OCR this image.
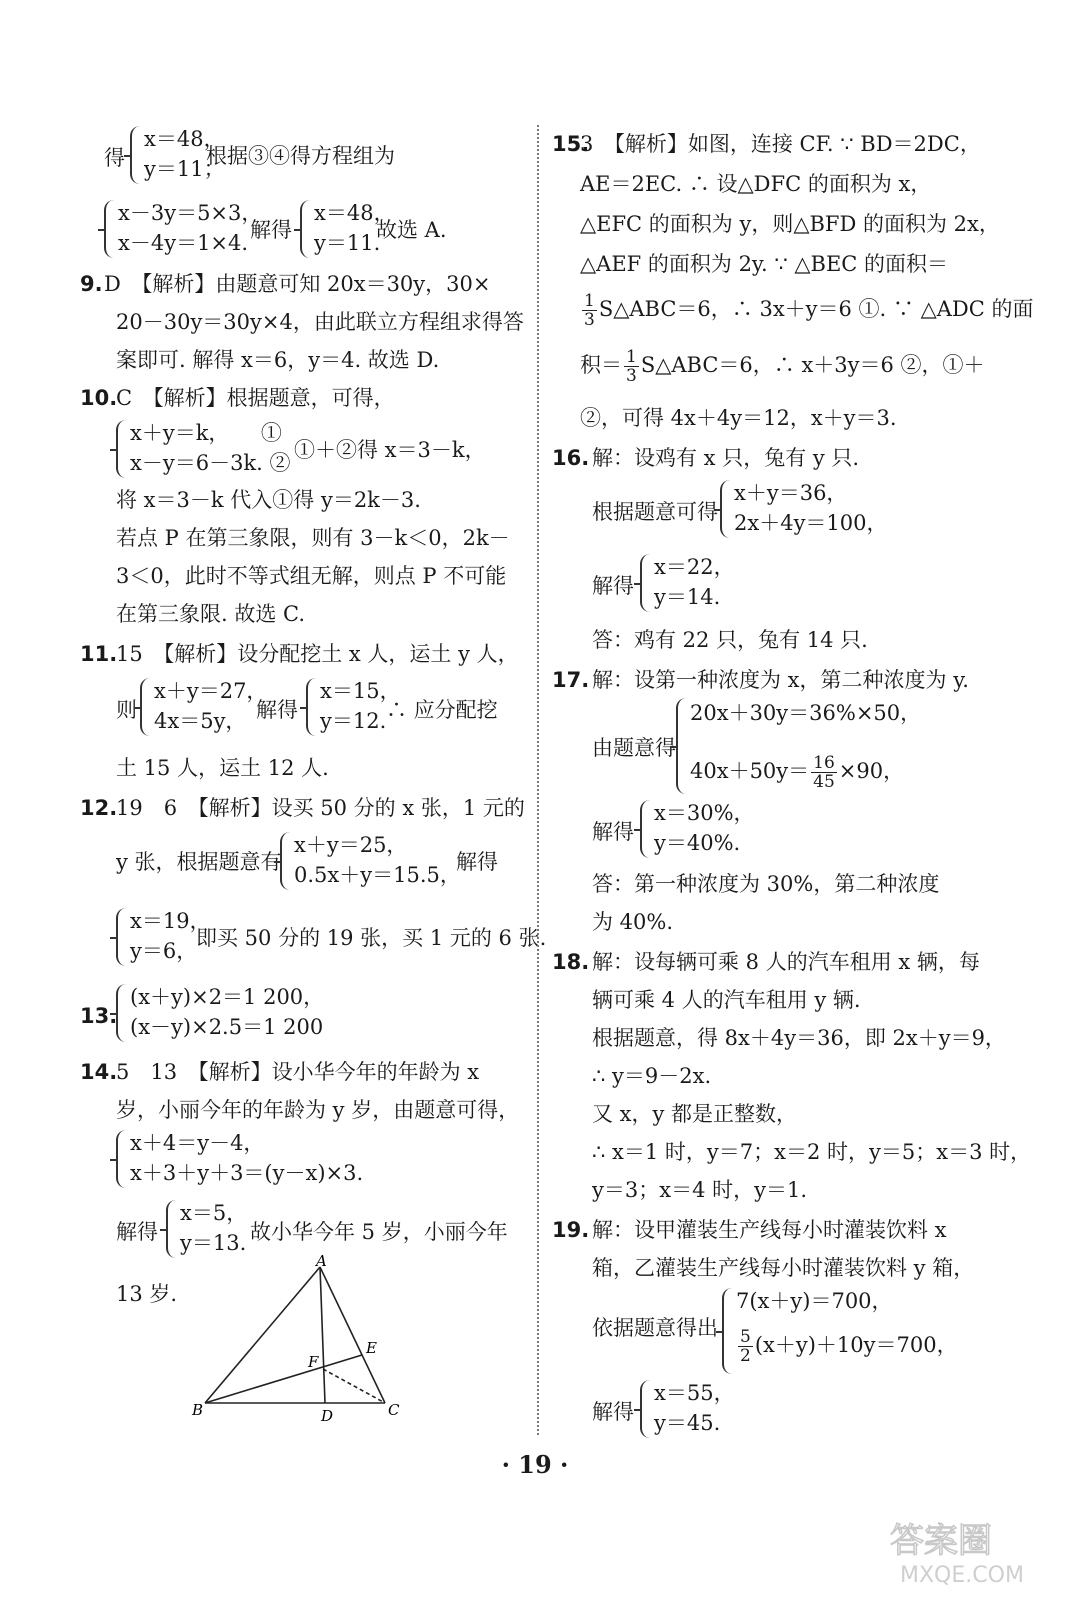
得
x＝48，
y＝11；
根据③④得方程组为
x－3y＝5×3，
x－4y＝1×4.
解得
x＝48，
y＝11.
故选 A.
9. D　【解析】由题意可知 20x＝30y，30×
20－30y＝30y×4，由此联立方程组求得答
案即可. 解得 x＝6，y＝4. 故选 D.
10.
C　【解析】根据题意，可得，
x＋y＝k，　　①
x－y＝6－3k. ②
①＋②得 x＝3－k，
将 x＝3－k 代入①得 y＝2k－3.
若点 P 在第三象限，则有 3－k＜0，2k－
3＜0，此时不等式组无解，则点 P 不可能
在第三象限. 故选 C.
11.
15　【解析】设分配挖土 x 人，运土 y 人，
则
x＋y＝27，
4x＝5y， 解得
x＝15，
y＝12. ∴ 应分配挖
土 15 人，运土 12 人.
12.
19　6　【解析】设买 50 分的 x 张，1 元的
y 张，根据题意有
x＋y＝25，
0.5x＋y＝15.5，
解得
x＝19，
y＝6，
即买 50 分的 19 张，买 1 元的 6 张.
13.
(x＋y)×2＝1 200，
(x－y)×2.5＝1 200
14.
5　13　【解析】设小华今年的年龄为 x
岁，小丽今年的年龄为 y 岁，由题意可得，
x＋4＝y－4，
x＋3＋y＋3＝(y－x)×3.
解得
x＝5，
y＝13. 故小华今年 5 岁，小丽今年
13 岁.
A
B	C
D
E
F
15.
3　【解析】如图，连接 CF. ∵ BD＝2DC，
AE＝2EC. ∴ 设△DFC 的面积为 x，
△EFC 的面积为 y，则△BFD 的面积为 2x，
△AEF 的面积为 2y. ∵ △BEC 的面积＝
$\frac{1}{3}$ S△ABC＝6，∴ 3x＋y＝6 ①. ∵ △ADC 的面
积＝ $\frac{1}{3}$ S△ABC＝6，∴ x＋3y＝6 ②，①＋
②，可得 4x＋4y＝12，x＋y＝3.
16. 解：设鸡有 x 只，兔有 y 只.
根据题意可得
x＋y＝36，
2x＋4y＝100，
解得
x＝22，
y＝14.
答：鸡有 22 只，兔有 14 只.
17. 解：设第一种浓度为 x，第二种浓度为 y.
由题意得
20x＋30y＝36%×50，
$40x+50y= \frac{16}{45} \times 90$，
解得
x＝30%，
y＝40%.
答：第一种浓度为 30%，第二种浓度
为 40%.
18. 解：设每辆可乘 8 人的汽车租用 x 辆，每
辆可乘 4 人的汽车租用 y 辆.
根据题意，得 8x＋4y＝36，即 2x＋y＝9，
∴ y＝9－2x.
又 x，y 都是正整数，
∴ x＝1 时，y＝7；x＝2 时，y＝5；x＝3 时，
y＝3；x＝4 时，y＝1.
19. 解：设甲灌装生产线每小时灌装饮料 x
箱，乙灌装生产线每小时灌装饮料 y 箱，
依据题意得出
7(x＋y)＝700，
$\frac{5}{2} (x+y)+10y=700$，
解得
x＝55，
y＝45.
· 19 ·
答案圈
MXQE.COM
